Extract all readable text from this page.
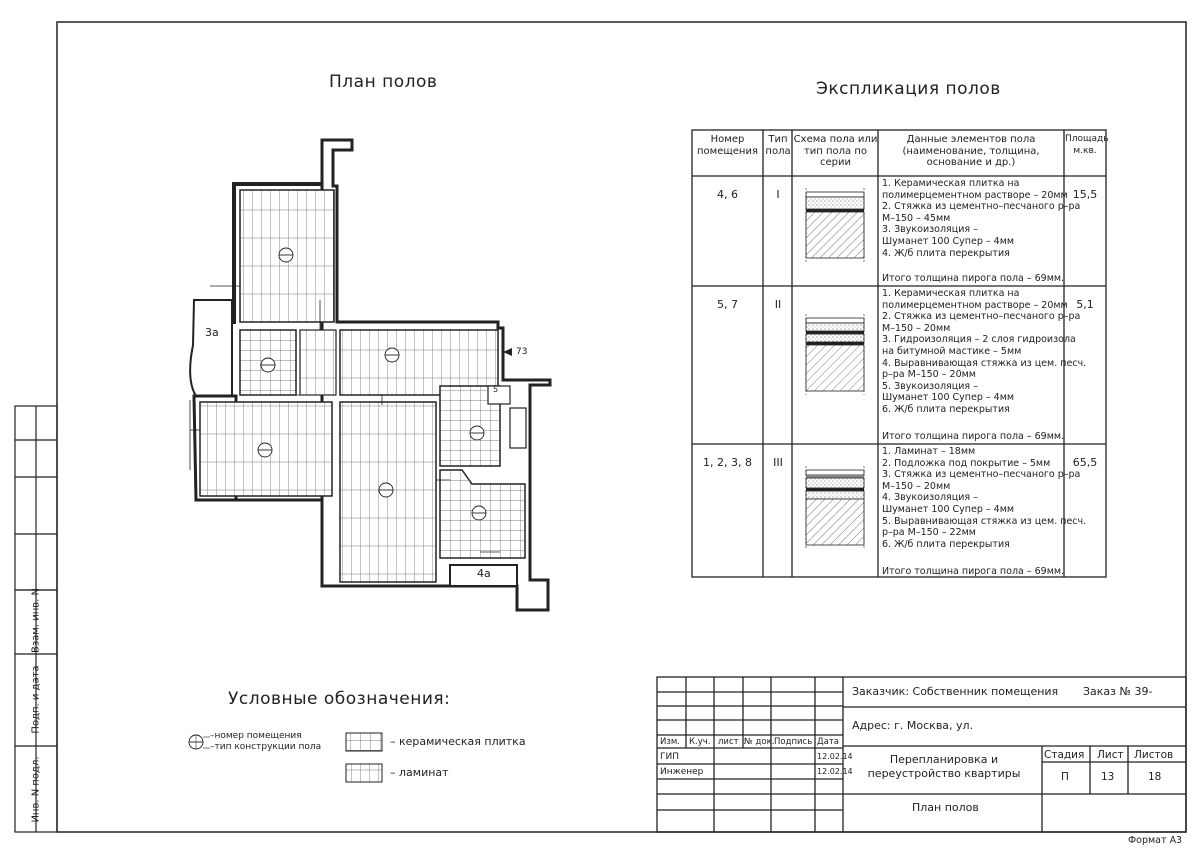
План полов	Экспликация полов
3а
4а
73
5
Номер помещения
Тип пола
Схема пола или тип пола по серии
Данные элементов пола (наименование, толщина, основание и др.)
Площадь м.кв.
4, 6	I	15,5
1. Керамическая плитка на
полимерцементном растворе – 20мм
2. Стяжка из цементно–песчаного р–ра
М–150 – 45мм
3. Звукоизоляция –
Шуманет 100 Супер – 4мм
4. Ж/б плита перекрытия
Итого толщина пирога пола – 69мм.
5, 7	II	5,1
1. Керамическая плитка на
полимерцементном растворе – 20мм
2. Стяжка из цементно–песчаного р–ра
М–150 – 20мм
3. Гидроизоляция – 2 слоя гидроизола
на битумной мастике – 5мм
4. Выравнивающая стяжка из цем. песч.
р–ра М–150 – 20мм
5. Звукоизоляция –
Шуманет 100 Супер – 4мм
6. Ж/б плита перекрытия
Итого толщина пирога пола – 69мм.
1, 2, 3, 8	III	65,5
1. Ламинат – 18мм
2. Подложка под покрытие – 5мм
3. Стяжка из цементно–песчаного р–ра
М–150 – 20мм
4. Звукоизоляция –
Шуманет 100 Супер – 4мм
5. Выравнивающая стяжка из цем. песч.
р–ра М–150 – 22мм
6. Ж/б плита перекрытия
Итого толщина пирога пола – 69мм.
Условные обозначения:
–номер помещения
–тип конструкции пола	– керамическая плитка
– ламинат
Заказчик: Собственник помещения Заказ № 39-
Адрес: г. Москва, ул.
Изм. К.уч. лист № док. Подпись Дата
ГИП	12.02.14
Инженер	12.02.14
Перепланировка и переустройство квартиры
Стадия Лист Листов
П	13	18
План полов
Формат А3
Инв. N подл.
Подп. и дата
Взам. инв. N
